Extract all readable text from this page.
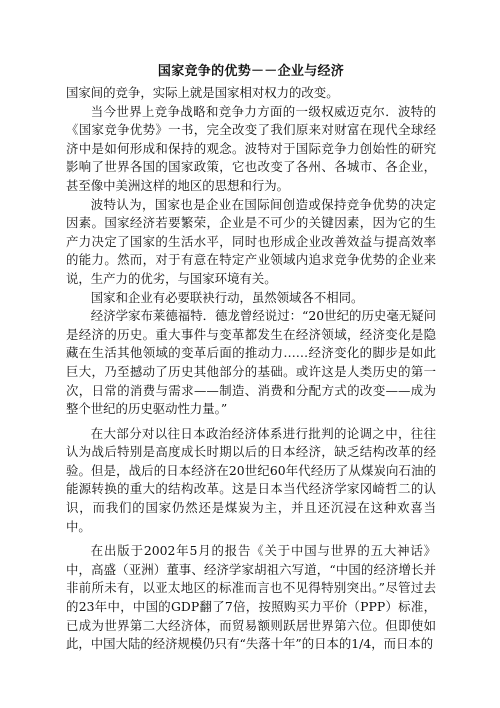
国家竞争的优势－－企业与经济

国家间的竞争，实际上就是国家相对权力的改变。

当今世界上竞争战略和竞争力方面的一级权威迈克尔．波特的《国家竞争优势》一书，完全改变了我们原来对财富在现代全球经济中是如何形成和保持的观念。波特对于国际竞争力创始性的研究影响了世界各国的国家政策，它也改变了各州、各城市、各企业，甚至像中美洲这样的地区的思想和行为。

波特认为，国家也是企业在国际间创造或保持竞争优势的决定因素。国家经济若要繁荣，企业是不可少的关键因素，因为它的生产力决定了国家的生活水平，同时也形成企业改善效益与提高效率的能力。然而，对于有意在特定产业领域内追求竞争优势的企业来说，生产力的优劣，与国家环境有关。

国家和企业有必要联袂行动，虽然领域各不相同。

经济学家布莱德福特．德龙曾经说过：“20世纪的历史毫无疑问是经济的历史。重大事件与变革都发生在经济领域，经济变化是隐藏在生活其他领域的变革后面的推动力……经济变化的脚步是如此巨大，乃至撼动了历史其他部分的基础。或许这是人类历史的第一次，日常的消费与需求——制造、消费和分配方式的改变——成为整个世纪的历史驱动性力量。”

在大部分对以往日本政治经济体系进行批判的论调之中，往往认为战后特别是高度成长时期以后的日本经济，缺乏结构改革的经验。但是，战后的日本经济在20世纪60年代经历了从煤炭向石油的能源转换的重大的结构改革。这是日本当代经济学家冈崎哲二的认识，而我们的国家仍然还是煤炭为主，并且还沉浸在这种欢喜当中。

在出版于2002年5月的报告《关于中国与世界的五大神话》中，高盛（亚洲）董事、经济学家胡祖六写道，“中国的经济增长并非前所未有，以亚太地区的标准而言也不见得特别突出。”尽管过去的23年中，中国的GDP翻了7倍，按照购买力平价（PPP）标准，已成为世界第二大经济体，而贸易额则跃居世界第六位。但即使如此，中国大陆的经济规模仍只有“失落十年”的日本的1/4，而日本的
